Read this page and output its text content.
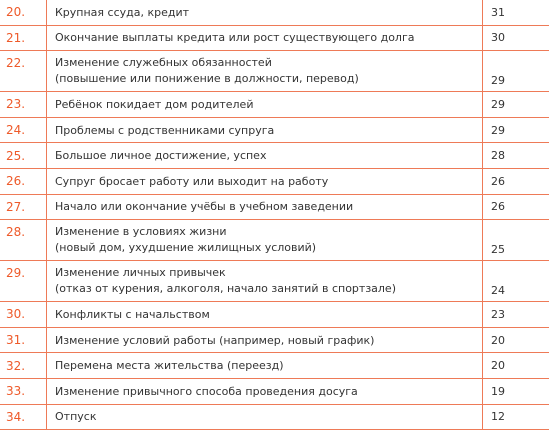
20.	Крупная ссуда, кредит	31
21.	Окончание выплаты кредита или рост существующего долга	30
22.	Изменение служебных обязанностей
(повышение или понижение в должности, перевод)	29
23.	Ребёнок покидает дом родителей	29
24.	Проблемы с родственниками супруга	29
25.	Большое личное достижение, успех	28
26.	Супруг бросает работу или выходит на работу	26
27.	Начало или окончание учёбы в учебном заведении	26
28.	Изменение в условиях жизни
(новый дом, ухудшение жилищных условий)	25
29.	Изменение личных привычек
(отказ от курения, алкоголя, начало занятий в спортзале)	24
30.	Конфликты с начальством	23
31.	Изменение условий работы (например, новый график)	20
32.	Перемена места жительства (переезд)	20
33.	Изменение привычного способа проведения досуга	19
34.	Отпуск	12
